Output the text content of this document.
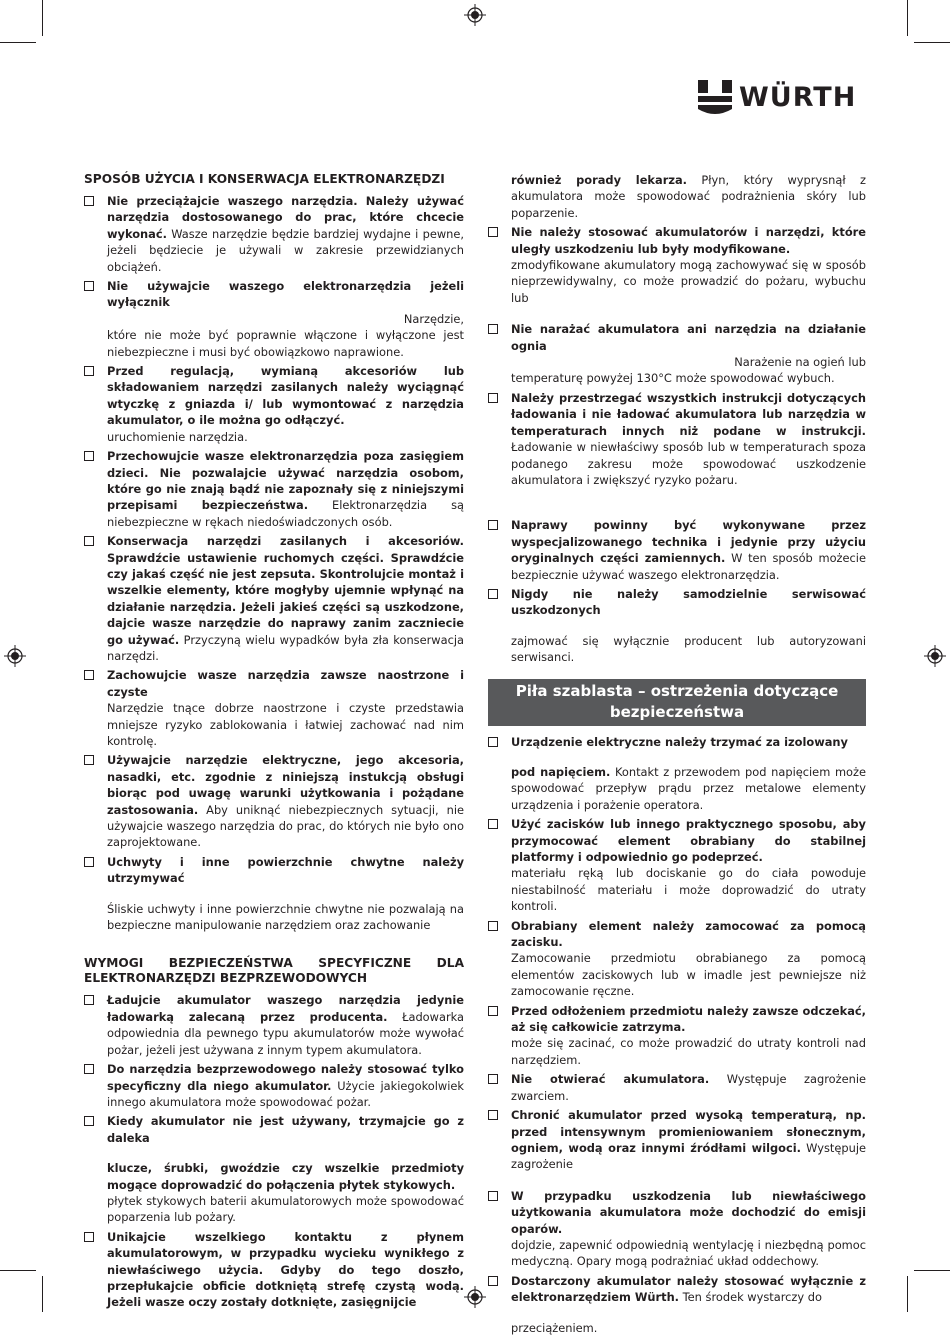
WÜRTH
SPOSÓB UŻYCIA I KONSERWACJA ELEKTRONARZĘDZI
Nie przeciążajcie waszego narzędzia. Należy używać narzędzia dostosowanego do prac, które chcecie wykonać. Wasze narzędzie będzie bardziej wydajne i pewne, jeżeli będziecie je używali w zakresie przewidzianych obciążeń.
Nie używajcie waszego elektronarzędzia jeżeli wyłącznik
Narzędzie,
które nie może być poprawnie włączone i wyłączone jest niebezpieczne i musi być obowiązkowo naprawione.
Przed regulacją, wymianą akcesoriów lub składowaniem narzędzi zasilanych należy wyciągnąć wtyczkę z gniazda i/ lub wymontować z narzędzia akumulator, o ile można go odłączyć.
uruchomienie narzędzia.
Przechowujcie wasze elektronarzędzia poza zasięgiem dzieci. Nie pozwalajcie używać narzędzia osobom, które go nie znają bądź nie zapoznały się z niniejszymi przepisami bezpieczeństwa. Elektronarzędzia są niebezpieczne w rękach niedoświadczonych osób.
Konserwacja narzędzi zasilanych i akcesoriów. Sprawdźcie ustawienie ruchomych części. Sprawdźcie czy jakaś część nie jest zepsuta. Skontrolujcie montaż i wszelkie elementy, które mogłyby ujemnie wpłynąć na działanie narzędzia. Jeżeli jakieś części są uszkodzone, dajcie wasze narzędzie do naprawy zanim zaczniecie go używać. Przyczyną wielu wypadków była zła konserwacja narzędzi.
Zachowujcie wasze narzędzia zawsze naostrzone i czyste
Narzędzie tnące dobrze naostrzone i czyste przedstawia mniejsze ryzyko zablokowania i łatwiej zachować nad nim kontrolę.
Używajcie narzędzie elektryczne, jego akcesoria, nasadki, etc. zgodnie z niniejszą instukcją obsługi biorąc pod uwagę warunki użytkowania i pożądane zastosowania. Aby uniknąć niebezpiecznych sytuacji, nie używajcie waszego narzędzia do prac, do których nie było ono zaprojektowane.
Uchwyty i inne powierzchnie chwytne należy utrzymywać
Śliskie uchwyty i inne powierzchnie chwytne nie pozwalają na bezpieczne manipulowanie narzędziem oraz zachowanie
WYMOGI BEZPIECZEŃSTWA SPECYFICZNE DLA ELEKTRONARZĘDZI BEZPRZEWODOWYCH
Ładujcie akumulator waszego narzędzia jedynie ładowarką zalecaną przez producenta. Ładowarka odpowiednia dla pewnego typu akumulatorów może wywołać pożar, jeżeli jest używana z innym typem akumulatora.
Do narzędzia bezprzewodowego należy stosować tylko specyficzny dla niego akumulator. Użycie jakiegokolwiek innego akumulatora może spowodować pożar.
Kiedy akumulator nie jest używany, trzymajcie go z daleka
klucze, śrubki, gwoździe czy wszelkie przedmioty mogące doprowadzić do połączenia płytek stykowych.
płytek stykowych baterii akumulatorowych może spowodować poparzenia lub pożary.
Unikajcie wszelkiego kontaktu z płynem akumulatorowym, w przypadku wycieku wynikłego z niewłaściwego użycia. Gdyby do tego doszło, przepłukajcie obficie dotkniętą strefę czystą wodą. Jeżeli wasze oczy zostały dotknięte, zasięgnijcie
również porady lekarza. Płyn, który wyprysnął z akumulatora może spowodować podrażnienia skóry lub poparzenie.
Nie należy stosować akumulatorów i narzędzi, które uległy uszkodzeniu lub były modyfikowane.
zmodyfikowane akumulatory mogą zachowywać się w sposób nieprzewidywalny, co może prowadzić do pożaru, wybuchu lub
Nie narażać akumulatora ani narzędzia na działanie ognia
Narażenie na ogień lub
temperaturę powyżej 130°C może spowodować wybuch.
Należy przestrzegać wszystkich instrukcji dotyczących ładowania i nie ładować akumulatora lub narzędzia w temperaturach innych niż podane w instrukcji. Ładowanie w niewłaściwy sposób lub w temperaturach spoza podanego zakresu może spowodować uszkodzenie akumulatora i zwiększyć ryzyko pożaru.
Naprawy powinny być wykonywane przez wyspecjalizowanego technika i jedynie przy użyciu oryginalnych części zamiennych. W ten sposób możecie bezpiecznie używać waszego elektronarzędzia.
Nigdy nie należy samodzielnie serwisować uszkodzonych
zajmować się wyłącznie producent lub autoryzowani serwisanci.
Piła szablasta – ostrzeżenia dotyczące bezpieczeństwa
Urządzenie elektryczne należy trzymać za izolowany
pod napięciem. Kontakt z przewodem pod napięciem może spowodować przepływ prądu przez metalowe elementy urządzenia i porażenie operatora.
Użyć zacisków lub innego praktycznego sposobu, aby przymocować element obrabiany do stabilnej platformy i odpowiednio go podeprzeć.
materiału ręką lub dociskanie go do ciała powoduje niestabilność materiału i może doprowadzić do utraty kontroli.
Obrabiany element należy zamocować za pomocą zacisku.
Zamocowanie przedmiotu obrabianego za pomocą elementów zaciskowych lub w imadle jest pewniejsze niż zamocowanie ręczne.
Przed odłożeniem przedmiotu należy zawsze odczekać, aż się całkowicie zatrzyma.
może się zacinać, co może prowadzić do utraty kontroli nad narzędziem.
Nie otwierać akumulatora. Występuje zagrożenie zwarciem.
Chronić akumulator przed wysoką temperaturą, np. przed intensywnym promieniowaniem słonecznym, ogniem, wodą oraz innymi źródłami wilgoci. Występuje zagrożenie
W przypadku uszkodzenia lub niewłaściwego użytkowania akumulatora może dochodzić do emisji oparów.
dojdzie, zapewnić odpowiednią wentylację i niezbędną pomoc medyczną. Opary mogą podrażniać układ oddechowy.
Dostarczony akumulator należy stosować wyłącznie z elektronarzędziem Würth. Ten środek wystarczy do
przeciążeniem.
